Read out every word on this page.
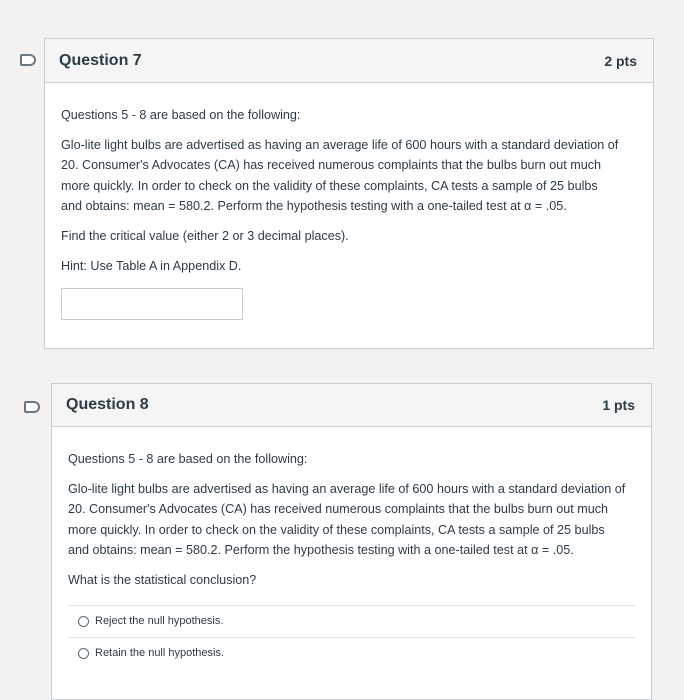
Question 7	2 pts

Questions 5 - 8 are based on the following:

Glo-lite light bulbs are advertised as having an average life of 600 hours with a standard deviation of

20. Consumer's Advocates (CA) has received numerous complaints that the bulbs burn out much

more quickly. In order to check on the validity of these complaints, CA tests a sample of 25 bulbs

and obtains: mean = 580.2. Perform the hypothesis testing with a one-tailed test at α = .05.

Find the critical value (either 2 or 3 decimal places).

Hint: Use Table A in Appendix D.

Question 8	1 pts

Questions 5 - 8 are based on the following:

Glo-lite light bulbs are advertised as having an average life of 600 hours with a standard deviation of

20. Consumer's Advocates (CA) has received numerous complaints that the bulbs burn out much

more quickly. In order to check on the validity of these complaints, CA tests a sample of 25 bulbs

and obtains: mean = 580.2. Perform the hypothesis testing with a one-tailed test at α = .05.

What is the statistical conclusion?

Reject the null hypothesis.
Retain the null hypothesis.
